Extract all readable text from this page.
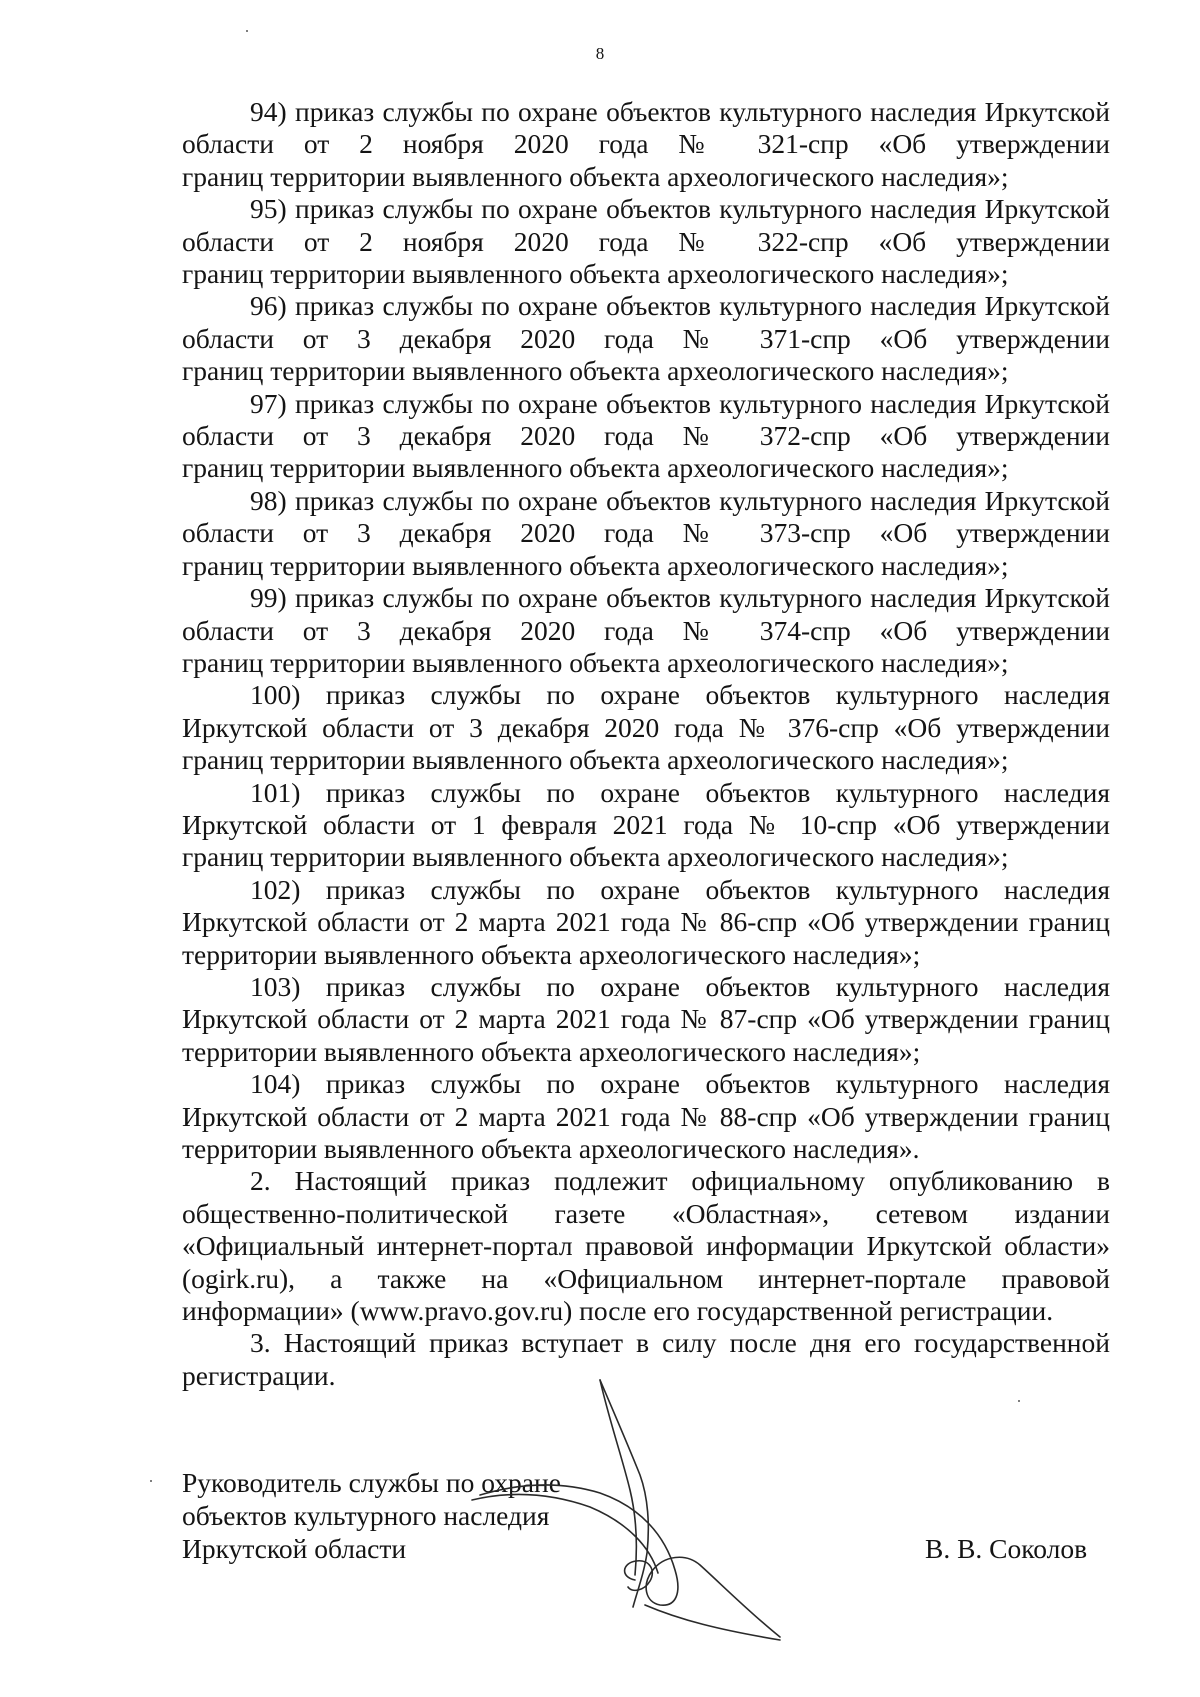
8

94) приказ службы по охране объектов культурного наследия Иркутской области от 2 ноября 2020 года № 321-спр «Об утверждении

границ территории выявленного объекта археологического наследия»;

95) приказ службы по охране объектов культурного наследия Иркутской области от 2 ноября 2020 года № 322-спр «Об утверждении

границ территории выявленного объекта археологического наследия»;

96) приказ службы по охране объектов культурного наследия Иркутской области от 3 декабря 2020 года № 371-спр «Об утверждении

границ территории выявленного объекта археологического наследия»;

97) приказ службы по охране объектов культурного наследия Иркутской области от 3 декабря 2020 года № 372-спр «Об утверждении

границ территории выявленного объекта археологического наследия»;

98) приказ службы по охране объектов культурного наследия Иркутской области от 3 декабря 2020 года № 373-спр «Об утверждении

границ территории выявленного объекта археологического наследия»;

99) приказ службы по охране объектов культурного наследия Иркутской области от 3 декабря 2020 года № 374-спр «Об утверждении

границ территории выявленного объекта археологического наследия»;

100) приказ службы по охране объектов культурного наследия Иркутской области от 3 декабря 2020 года № 376-спр «Об утверждении

границ территории выявленного объекта археологического наследия»;

101) приказ службы по охране объектов культурного наследия Иркутской области от 1 февраля 2021 года № 10-спр «Об утверждении

границ территории выявленного объекта археологического наследия»;

102) приказ службы по охране объектов культурного наследия Иркутской области от 2 марта 2021 года № 86-спр «Об утверждении границ

территории выявленного объекта археологического наследия»;

103) приказ службы по охране объектов культурного наследия Иркутской области от 2 марта 2021 года № 87-спр «Об утверждении границ

территории выявленного объекта археологического наследия»;

104) приказ службы по охране объектов культурного наследия Иркутской области от 2 марта 2021 года № 88-спр «Об утверждении границ

территории выявленного объекта археологического наследия».

2. Настоящий приказ подлежит официальному опубликованию в общественно-политической газете «Областная», сетевом издании «Официальный интернет-портал правовой информации Иркутской области» (ogirk.ru), а также на «Официальном интернет-портале правовой

информации» (www.pravo.gov.ru) после его государственной регистрации.

3. Настоящий приказ вступает в силу после дня его государственной

регистрации.
Руководитель службы по охране
объектов культурного наследия
Иркутской области	В. В. Соколов
